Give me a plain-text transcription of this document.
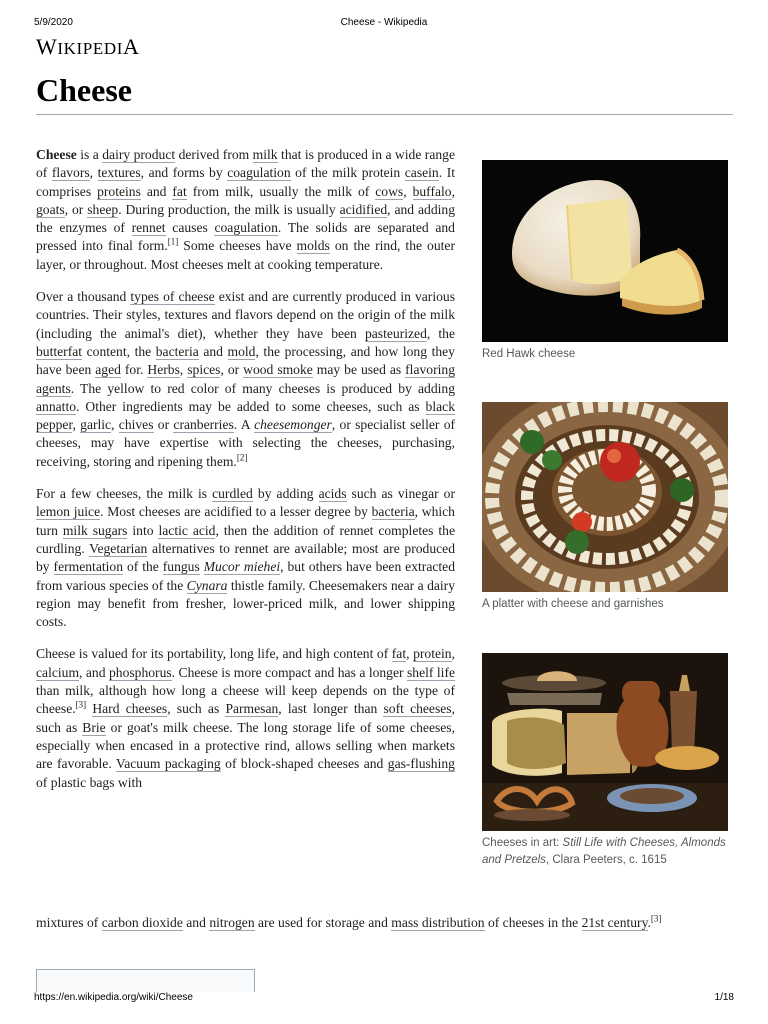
5/9/2020	Cheese - Wikipedia
WIKIPEDIA
Cheese

Cheese is a dairy product derived from milk that is produced in a wide range of flavors, textures, and forms by coagulation of the milk protein casein. It comprises proteins and fat from milk, usually the milk of cows, buffalo, goats, or sheep. During production, the milk is usually acidified, and adding the enzymes of rennet causes coagulation. The solids are separated and pressed into final form.[1] Some cheeses have molds on the rind, the outer layer, or throughout. Most cheeses melt at cooking temperature.

Over a thousand types of cheese exist and are currently produced in various countries. Their styles, textures and flavors depend on the origin of the milk (including the animal's diet), whether they have been pasteurized, the butterfat content, the bacteria and mold, the processing, and how long they have been aged for. Herbs, spices, or wood smoke may be used as flavoring agents. The yellow to red color of many cheeses is produced by adding annatto. Other ingredients may be added to some cheeses, such as black pepper, garlic, chives or cranberries. A cheesemonger, or specialist seller of cheeses, may have expertise with selecting the cheeses, purchasing, receiving, storing and ripening them.[2]

For a few cheeses, the milk is curdled by adding acids such as vinegar or lemon juice. Most cheeses are acidified to a lesser degree by bacteria, which turn milk sugars into lactic acid, then the addition of rennet completes the curdling. Vegetarian alternatives to rennet are available; most are produced by fermentation of the fungus Mucor miehei, but others have been extracted from various species of the Cynara thistle family. Cheesemakers near a dairy region may benefit from fresher, lower-priced milk, and lower shipping costs.

Cheese is valued for its portability, long life, and high content of fat, protein, calcium, and phosphorus. Cheese is more compact and has a longer shelf life than milk, although how long a cheese will keep depends on the type of cheese.[3] Hard cheeses, such as Parmesan, last longer than soft cheeses, such as Brie or goat's milk cheese. The long storage life of some cheeses, especially when encased in a protective rind, allows selling when markets are favorable. Vacuum packaging of block-shaped cheeses and gas-flushing of plastic bags with

mixtures of carbon dioxide and nitrogen are used for storage and mass distribution of cheeses in the 21st century.[3]
Red Hawk cheese
A platter with cheese and garnishes
Cheeses in art: Still Life with Cheeses, Almonds and Pretzels, Clara Peeters, c. 1615
https://en.wikipedia.org/wiki/Cheese	1/18
